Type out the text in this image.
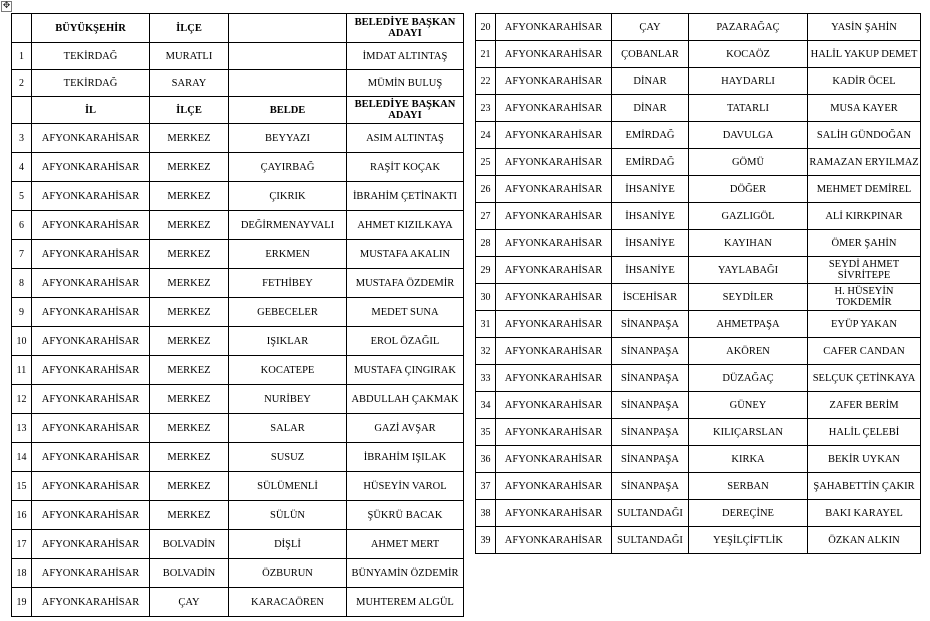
✥
	BÜYÜKŞEHİR	İLÇE		BELEDİYE BAŞKAN ADAYI
1	TEKİRDAĞ	MURATLI		İMDAT ALTINTAŞ
2	TEKİRDAĞ	SARAY		MÜMİN BULUŞ
	İL	İLÇE	BELDE	BELEDİYE BAŞKAN ADAYI
3	AFYONKARAHİSAR	MERKEZ	BEYYAZI	ASIM ALTINTAŞ
4	AFYONKARAHİSAR	MERKEZ	ÇAYIRBAĞ	RAŞİT KOÇAK
5	AFYONKARAHİSAR	MERKEZ	ÇIKRIK	İBRAHİM ÇETİNAKTI
6	AFYONKARAHİSAR	MERKEZ	DEĞİRMENAYVALI	AHMET KIZILKAYA
7	AFYONKARAHİSAR	MERKEZ	ERKMEN	MUSTAFA AKALIN
8	AFYONKARAHİSAR	MERKEZ	FETHİBEY	MUSTAFA ÖZDEMİR
9	AFYONKARAHİSAR	MERKEZ	GEBECELER	MEDET SUNA
10	AFYONKARAHİSAR	MERKEZ	IŞIKLAR	EROL ÖZAĞIL
11	AFYONKARAHİSAR	MERKEZ	KOCATEPE	MUSTAFA ÇINGIRAK
12	AFYONKARAHİSAR	MERKEZ	NURİBEY	ABDULLAH ÇAKMAK
13	AFYONKARAHİSAR	MERKEZ	SALAR	GAZİ AVŞAR
14	AFYONKARAHİSAR	MERKEZ	SUSUZ	İBRAHİM IŞILAK
15	AFYONKARAHİSAR	MERKEZ	SÜLÜMENLİ	HÜSEYİN VAROL
16	AFYONKARAHİSAR	MERKEZ	SÜLÜN	ŞÜKRÜ BACAK
17	AFYONKARAHİSAR	BOLVADİN	DİŞLİ	AHMET MERT
18	AFYONKARAHİSAR	BOLVADİN	ÖZBURUN	BÜNYAMİN ÖZDEMİR
19	AFYONKARAHİSAR	ÇAY	KARACAÖREN	MUHTEREM ALGÜL
20	AFYONKARAHİSAR	ÇAY	PAZARAĞAÇ	YASİN ŞAHİN
21	AFYONKARAHİSAR	ÇOBANLAR	KOCAÖZ	HALİL YAKUP DEMET
22	AFYONKARAHİSAR	DİNAR	HAYDARLI	KADİR ÖCEL
23	AFYONKARAHİSAR	DİNAR	TATARLI	MUSA KAYER
24	AFYONKARAHİSAR	EMİRDAĞ	DAVULGA	SALİH GÜNDOĞAN
25	AFYONKARAHİSAR	EMİRDAĞ	GÖMÜ	RAMAZAN ERYILMAZ
26	AFYONKARAHİSAR	İHSANİYE	DÖĞER	MEHMET DEMİREL
27	AFYONKARAHİSAR	İHSANİYE	GAZLIGÖL	ALİ KIRKPINAR
28	AFYONKARAHİSAR	İHSANİYE	KAYIHAN	ÖMER ŞAHİN
29	AFYONKARAHİSAR	İHSANİYE	YAYLABAĞI	SEYDİ AHMET SİVRİTEPE
30	AFYONKARAHİSAR	İSCEHİSAR	SEYDİLER	H. HÜSEYİN TOKDEMİR
31	AFYONKARAHİSAR	SİNANPAŞA	AHMETPAŞA	EYÜP YAKAN
32	AFYONKARAHİSAR	SİNANPAŞA	AKÖREN	CAFER CANDAN
33	AFYONKARAHİSAR	SİNANPAŞA	DÜZAĞAÇ	SELÇUK ÇETİNKAYA
34	AFYONKARAHİSAR	SİNANPAŞA	GÜNEY	ZAFER BERİM
35	AFYONKARAHİSAR	SİNANPAŞA	KILIÇARSLAN	HALİL ÇELEBİ
36	AFYONKARAHİSAR	SİNANPAŞA	KIRKA	BEKİR UYKAN
37	AFYONKARAHİSAR	SİNANPAŞA	SERBAN	ŞAHABETTİN ÇAKIR
38	AFYONKARAHİSAR	SULTANDAĞI	DEREÇİNE	BAKI KARAYEL
39	AFYONKARAHİSAR	SULTANDAĞI	YEŞİLÇİFTLİK	ÖZKAN ALKIN
